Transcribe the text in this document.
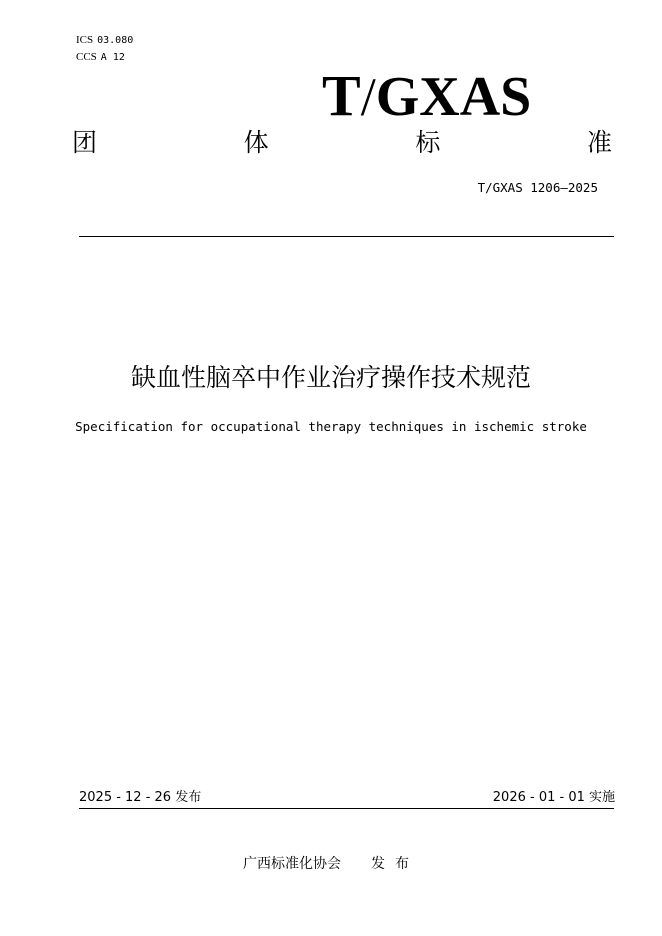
ICS 03.080
CCS A 12
T/GXAS
团	体	标	准
T/GXAS 1206—2025
缺血性脑卒中作业治疗操作技术规范
Specification for occupational therapy techniques in ischemic stroke
2025 - 12 - 26 发布	2026 - 01 - 01 实施
广西标准化协会 发布
